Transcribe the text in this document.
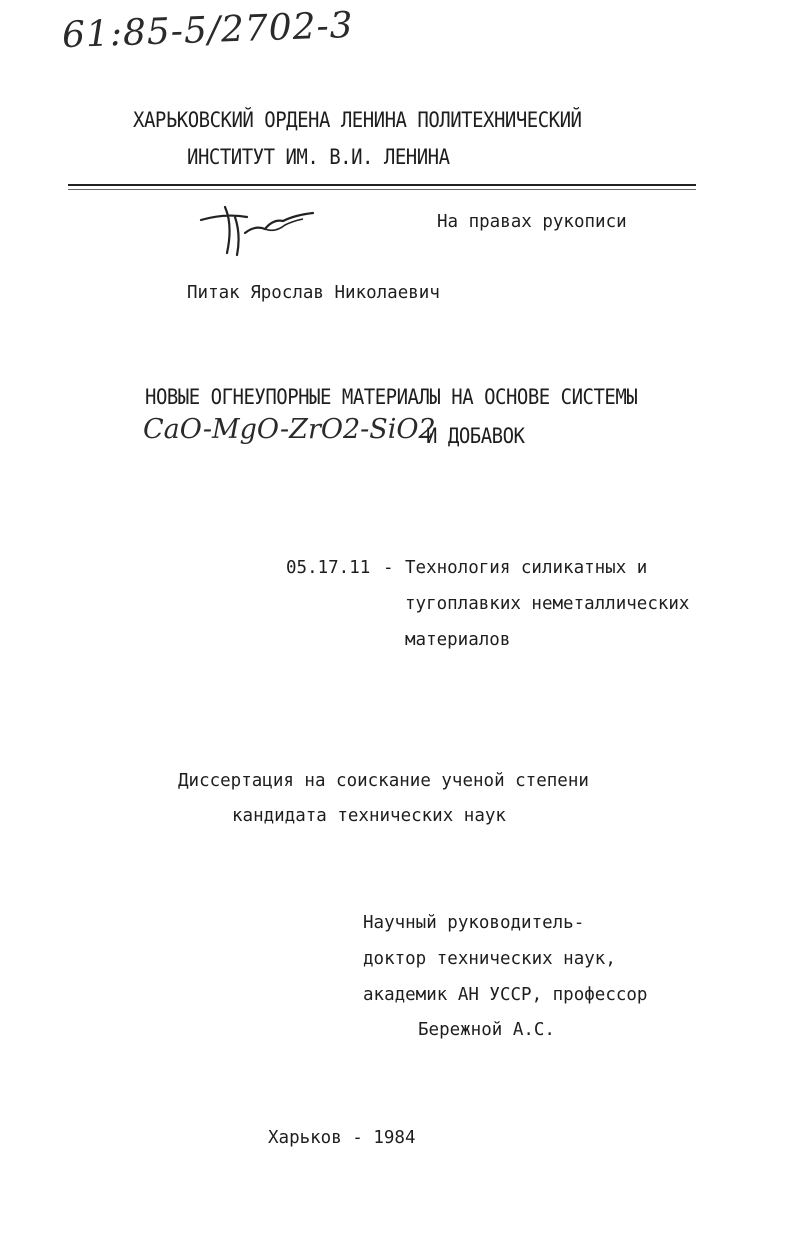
61:85-5/2702-3
ХАРЬКОВСКИЙ ОРДЕНА ЛЕНИНА ПОЛИТЕХНИЧЕСКИЙ
ИНСТИТУТ ИМ. В.И. ЛЕНИНА
На правах рукописи
Питак Ярослав Николаевич
НОВЫЕ ОГНЕУПОРНЫЕ МАТЕРИАЛЫ НА ОСНОВЕ СИСТЕМЫ
CaO-MgO-ZrO2-SiO2
И ДОБАВОК
05.17.11 - Технология силикатных и
тугоплавких неметаллических
материалов
Диссертация на соискание ученой степени
кандидата технических наук
Научный руководитель-
доктор технических наук,
академик АН УССР, профессор
Бережной А.С.
Харьков - 1984
